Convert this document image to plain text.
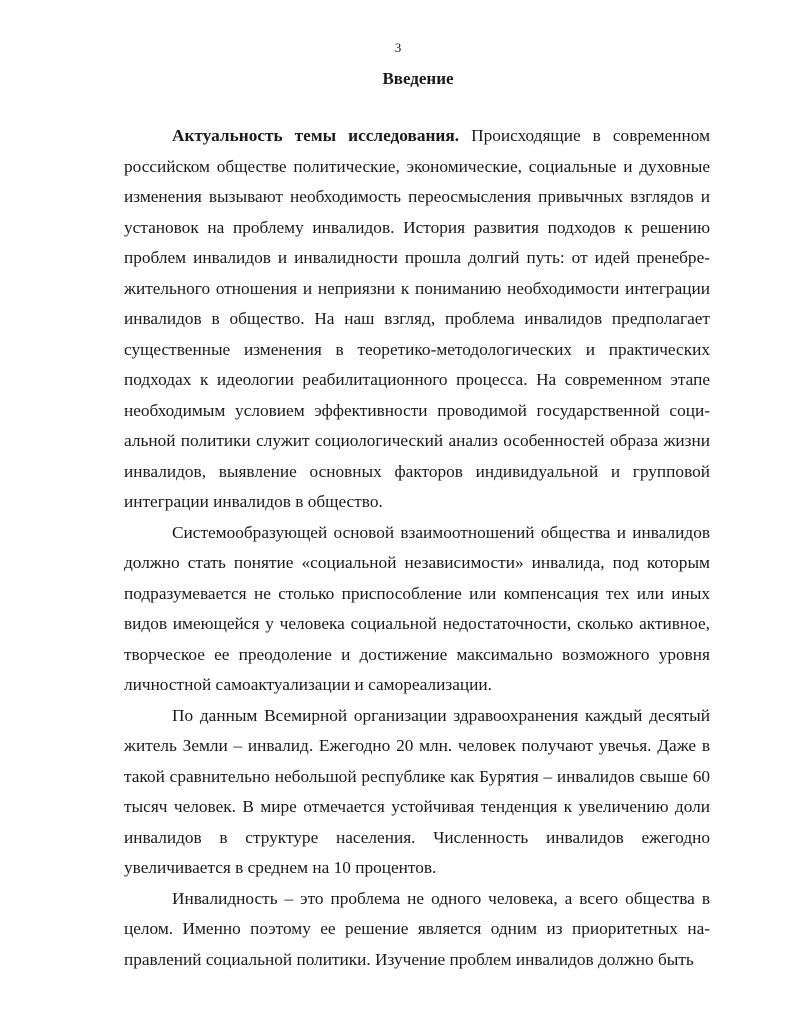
3
Введение

Актуальность темы исследования. Происходящие в современном российском обществе политические, экономические, социальные и духовные изменения вызывают необходимость переосмысления привычных взглядов и установок на проблему инвалидов. История развития подходов к решению проблем инвалидов и инвалидности прошла долгий путь: от идей пренебрежительного отношения и неприязни к пониманию необходимости интеграции инвалидов в общество. На наш взгляд, проблема инвалидов предполагает существенные изменения в теоретико-методологических и практических подходах к идеологии реабилитационного процесса. На современном этапе необходимым условием эффективности проводимой государственной социальной политики служит социологический анализ особенностей образа жизни инвалидов, выявление основных факторов индивидуальной и групповой интеграции инвалидов в обществo.

Системообразующей основой взаимоотношений общества и инвалидов должно стать понятие «социальной независимости» инвалида, под которым подразумевается не столько приспособление или компенсация тех или иных видов имеющейся у человека социальной недостаточности, сколько активное, творческое ее преодоление и достижение максимально возможного уровня личностной самоактуализации и самореализации.

По данным Всемирной организации здравоохранения каждый десятый житель Земли – инвалид. Ежегодно 20 млн. человек получают увечья. Даже в такой сравнительно небольшой республике как Бурятия – инвалидов свыше 60 тысяч человек. В мире отмечается устойчивая тенденция к увеличению доли инвалидов в структуре населения. Численность инвалидов ежегодно увеличивается в среднем на 10 процентов.

Инвалидность – это проблема не одного человека, а всего общества в целом. Именно поэтому ее решение является одним из приоритетных направлений социальной политики. Изучение проблем инвалидов должно быть
